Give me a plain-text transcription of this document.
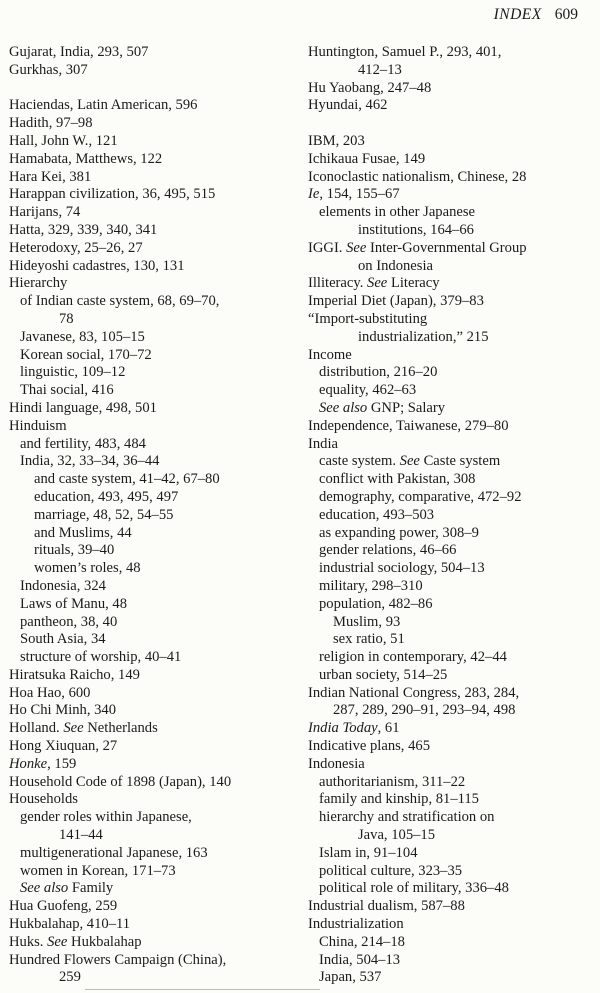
INDEX 609
Gujarat, India, 293, 507
Gurkhas, 307
Haciendas, Latin American, 596
Hadith, 97–98
Hall, John W., 121
Hamabata, Matthews, 122
Hara Kei, 381
Harappan civilization, 36, 495, 515
Harijans, 74
Hatta, 329, 339, 340, 341
Heterodoxy, 25–26, 27
Hideyoshi cadastres, 130, 131
Hierarchy
of Indian caste system, 68, 69–70,
78
Javanese, 83, 105–15
Korean social, 170–72
linguistic, 109–12
Thai social, 416
Hindi language, 498, 501
Hinduism
and fertility, 483, 484
India, 32, 33–34, 36–44
and caste system, 41–42, 67–80
education, 493, 495, 497
marriage, 48, 52, 54–55
and Muslims, 44
rituals, 39–40
women’s roles, 48
Indonesia, 324
Laws of Manu, 48
pantheon, 38, 40
South Asia, 34
structure of worship, 40–41
Hiratsuka Raicho, 149
Hoa Hao, 600
Ho Chi Minh, 340
Holland. See Netherlands
Hong Xiuquan, 27
Honke, 159
Household Code of 1898 (Japan), 140
Households
gender roles within Japanese,
141–44
multigenerational Japanese, 163
women in Korean, 171–73
See also Family
Hua Guofeng, 259
Hukbalahap, 410–11
Huks. See Hukbalahap
Hundred Flowers Campaign (China),
259
Huntington, Samuel P., 293, 401,
412–13
Hu Yaobang, 247–48
Hyundai, 462
IBM, 203
Ichikaua Fusae, 149
Iconoclastic nationalism, Chinese, 28
Ie, 154, 155–67
elements in other Japanese
institutions, 164–66
IGGI. See Inter-Governmental Group
on Indonesia
Illiteracy. See Literacy
Imperial Diet (Japan), 379–83
“Import-substituting
industrialization,” 215
Income
distribution, 216–20
equality, 462–63
See also GNP; Salary
Independence, Taiwanese, 279–80
India
caste system. See Caste system
conflict with Pakistan, 308
demography, comparative, 472–92
education, 493–503
as expanding power, 308–9
gender relations, 46–66
industrial sociology, 504–13
military, 298–310
population, 482–86
Muslim, 93
sex ratio, 51
religion in contemporary, 42–44
urban society, 514–25
Indian National Congress, 283, 284,
287, 289, 290–91, 293–94, 498
India Today, 61
Indicative plans, 465
Indonesia
authoritarianism, 311–22
family and kinship, 81–115
hierarchy and stratification on
Java, 105–15
Islam in, 91–104
political culture, 323–35
political role of military, 336–48
Industrial dualism, 587–88
Industrialization
China, 214–18
India, 504–13
Japan, 537
